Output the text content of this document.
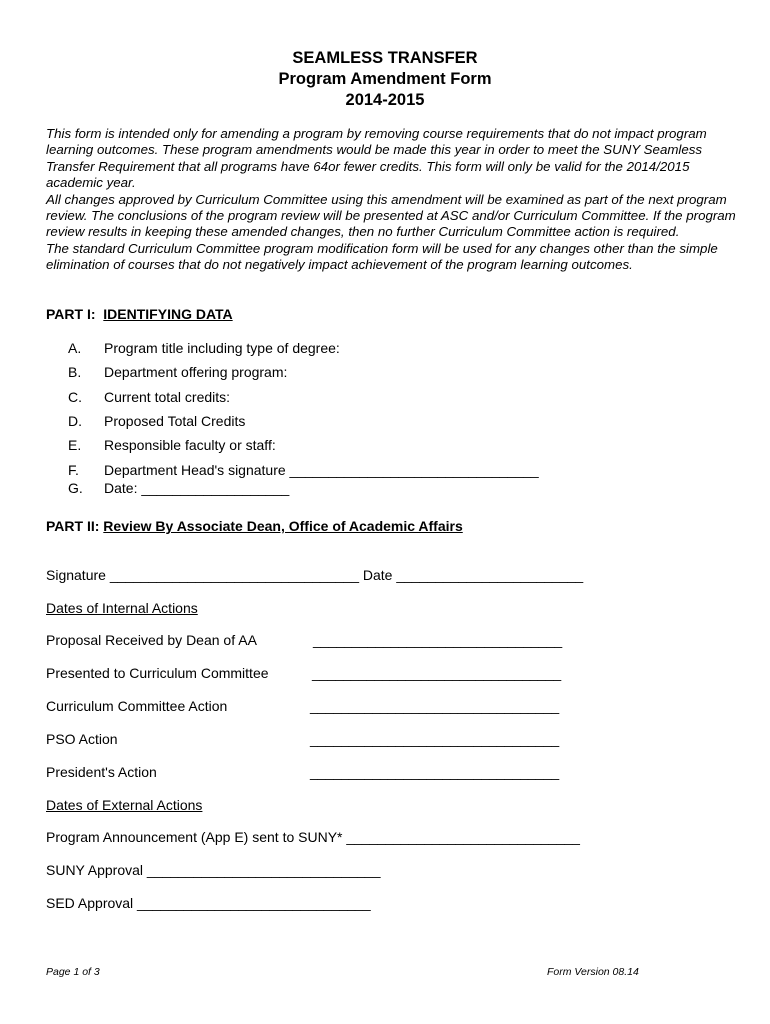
SEAMLESS TRANSFER
Program Amendment Form
2014-2015

This form is intended only for amending a program by removing course requirements that do not impact program learning outcomes. These program amendments would be made this year in order to meet the SUNY Seamless Transfer Requirement that all programs have 64or fewer credits. This form will only be valid for the 2014/2015 academic year.

All changes approved by Curriculum Committee using this amendment will be examined as part of the next program review. The conclusions of the program review will be presented at ASC and/or Curriculum Committee. If the program review results in keeping these amended changes, then no further Curriculum Committee action is required.

The standard Curriculum Committee program modification form will be used for any changes other than the simple elimination of courses that do not negatively impact achievement of the program learning outcomes.

PART I: IDENTIFYING DATA
A. Program title including type of degree:
B. Department offering program:
C. Current total credits:
D. Proposed Total Credits
E. Responsible faculty or staff:
F. Department Head's signature ________________________________
G. Date: ___________________
PART II: Review By Associate Dean, Office of Academic Affairs
Signature ________________________________ Date ________________________
Dates of Internal Actions
Proposal Received by Dean of AA	________________________________
Presented to Curriculum Committee	________________________________
Curriculum Committee Action	________________________________
PSO Action	________________________________
President's Action	________________________________
Dates of External Actions
Program Announcement (App E) sent to SUNY* ______________________________
SUNY Approval ______________________________
SED Approval ______________________________
Page 1 of 3	Form Version 08.14
